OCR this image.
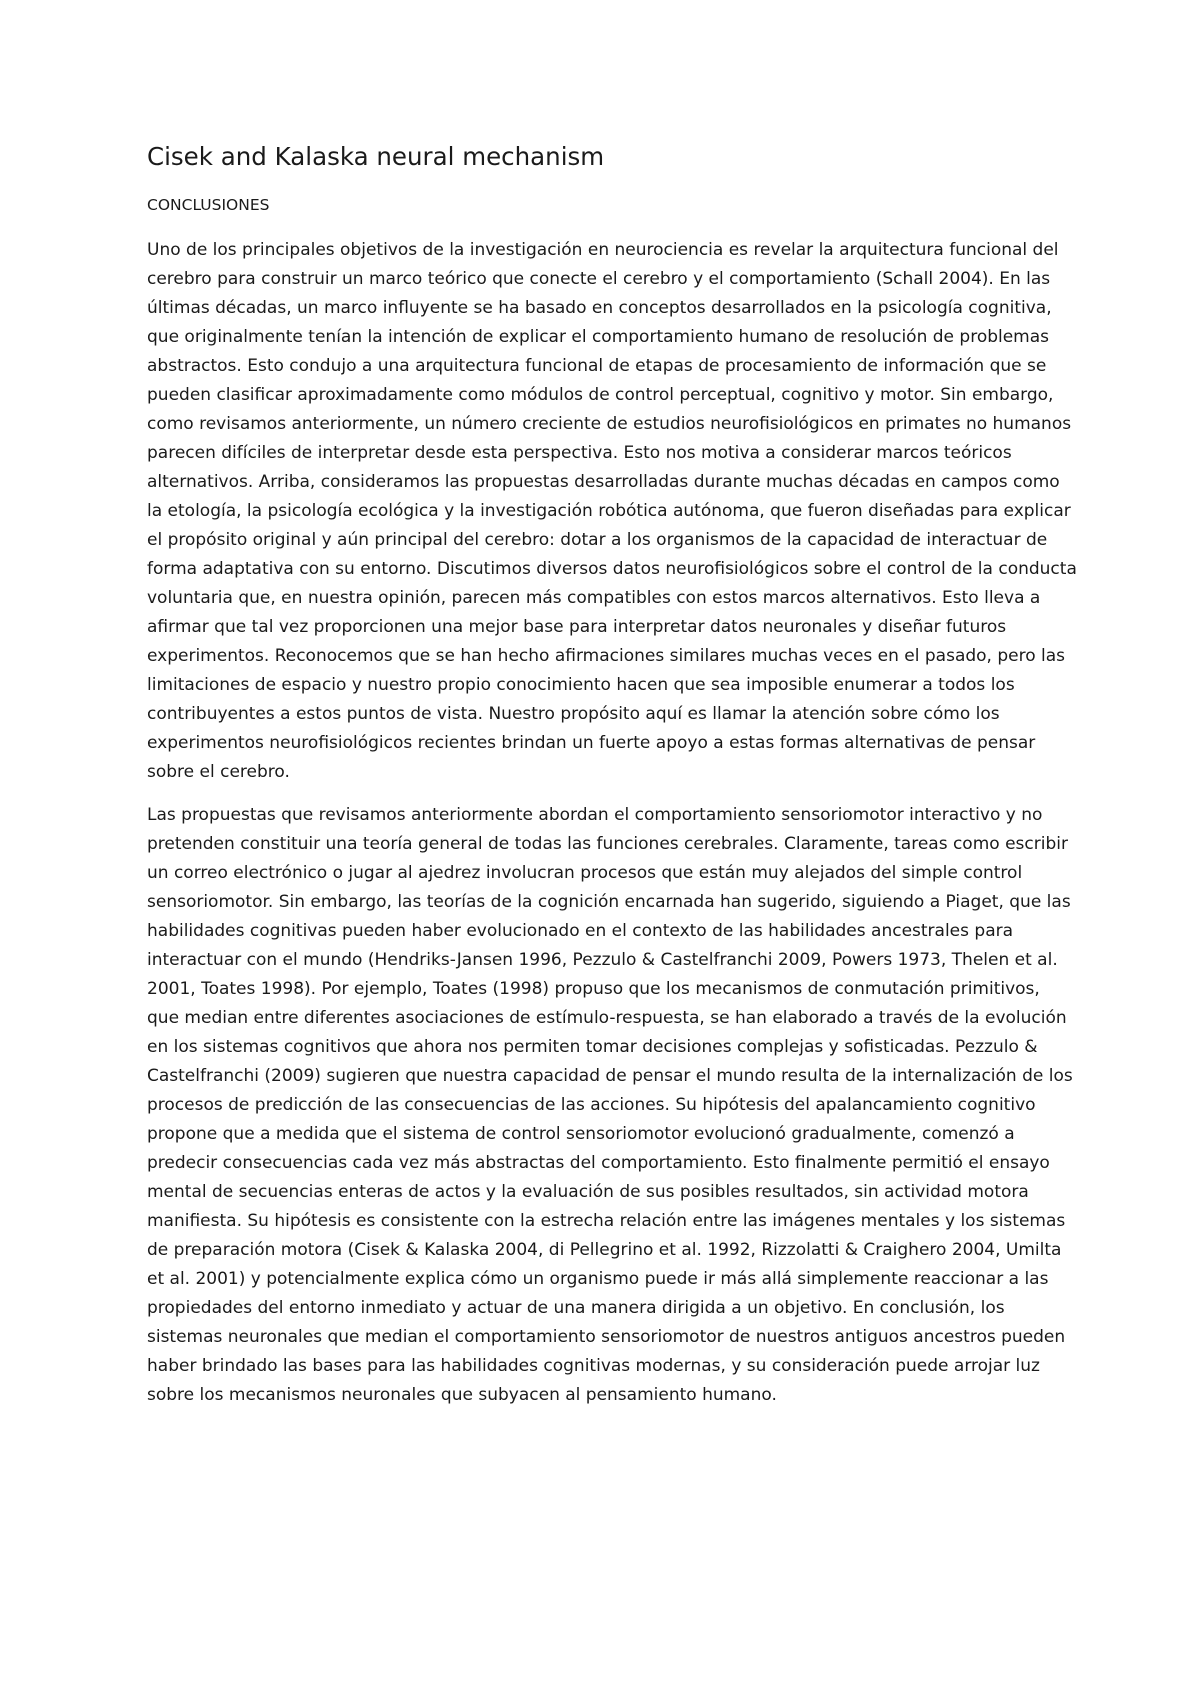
Cisek and Kalaska neural mechanism
CONCLUSIONES

Uno de los principales objetivos de la investigación en neurociencia es revelar la arquitectura funcional del cerebro para construir un marco teórico que conecte el cerebro y el comportamiento (Schall 2004). En las últimas décadas, un marco influyente se ha basado en conceptos desarrollados en la psicología cognitiva, que originalmente tenían la intención de explicar el comportamiento humano de resolución de problemas abstractos. Esto condujo a una arquitectura funcional de etapas de procesamiento de información que se pueden clasificar aproximadamente como módulos de control perceptual, cognitivo y motor. Sin embargo, como revisamos anteriormente, un número creciente de estudios neurofisiológicos en primates no humanos parecen difíciles de interpretar desde esta perspectiva. Esto nos motiva a considerar marcos teóricos alternativos. Arriba, consideramos las propuestas desarrolladas durante muchas décadas en campos como la etología, la psicología ecológica y la investigación robótica autónoma, que fueron diseñadas para explicar el propósito original y aún principal del cerebro: dotar a los organismos de la capacidad de interactuar de forma adaptativa con su entorno. Discutimos diversos datos neurofisiológicos sobre el control de la conducta voluntaria que, en nuestra opinión, parecen más compatibles con estos marcos alternativos. Esto lleva a afirmar que tal vez proporcionen una mejor base para interpretar datos neuronales y diseñar futuros experimentos. Reconocemos que se han hecho afirmaciones similares muchas veces en el pasado, pero las limitaciones de espacio y nuestro propio conocimiento hacen que sea imposible enumerar a todos los contribuyentes a estos puntos de vista. Nuestro propósito aquí es llamar la atención sobre cómo los experimentos neurofisiológicos recientes brindan un fuerte apoyo a estas formas alternativas de pensar sobre el cerebro.

Las propuestas que revisamos anteriormente abordan el comportamiento sensoriomotor interactivo y no pretenden constituir una teoría general de todas las funciones cerebrales. Claramente, tareas como escribir un correo electrónico o jugar al ajedrez involucran procesos que están muy alejados del simple control sensoriomotor. Sin embargo, las teorías de la cognición encarnada han sugerido, siguiendo a Piaget, que las habilidades cognitivas pueden haber evolucionado en el contexto de las habilidades ancestrales para interactuar con el mundo (Hendriks-Jansen 1996, Pezzulo & Castelfranchi 2009, Powers 1973, Thelen et al. 2001, Toates 1998). Por ejemplo, Toates (1998) propuso que los mecanismos de conmutación primitivos, que median entre diferentes asociaciones de estímulo-respuesta, se han elaborado a través de la evolución en los sistemas cognitivos que ahora nos permiten tomar decisiones complejas y sofisticadas. Pezzulo & Castelfranchi (2009) sugieren que nuestra capacidad de pensar el mundo resulta de la internalización de los procesos de predicción de las consecuencias de las acciones. Su hipótesis del apalancamiento cognitivo propone que a medida que el sistema de control sensoriomotor evolucionó gradualmente, comenzó a predecir consecuencias cada vez más abstractas del comportamiento. Esto finalmente permitió el ensayo mental de secuencias enteras de actos y la evaluación de sus posibles resultados, sin actividad motora manifiesta. Su hipótesis es consistente con la estrecha relación entre las imágenes mentales y los sistemas de preparación motora (Cisek & Kalaska 2004, di Pellegrino et al. 1992, Rizzolatti & Craighero 2004, Umilta et al. 2001) y potencialmente explica cómo un organismo puede ir más allá simplemente reaccionar a las propiedades del entorno inmediato y actuar de una manera dirigida a un objetivo. En conclusión, los sistemas neuronales que median el comportamiento sensoriomotor de nuestros antiguos ancestros pueden haber brindado las bases para las habilidades cognitivas modernas, y su consideración puede arrojar luz sobre los mecanismos neuronales que subyacen al pensamiento humano.
